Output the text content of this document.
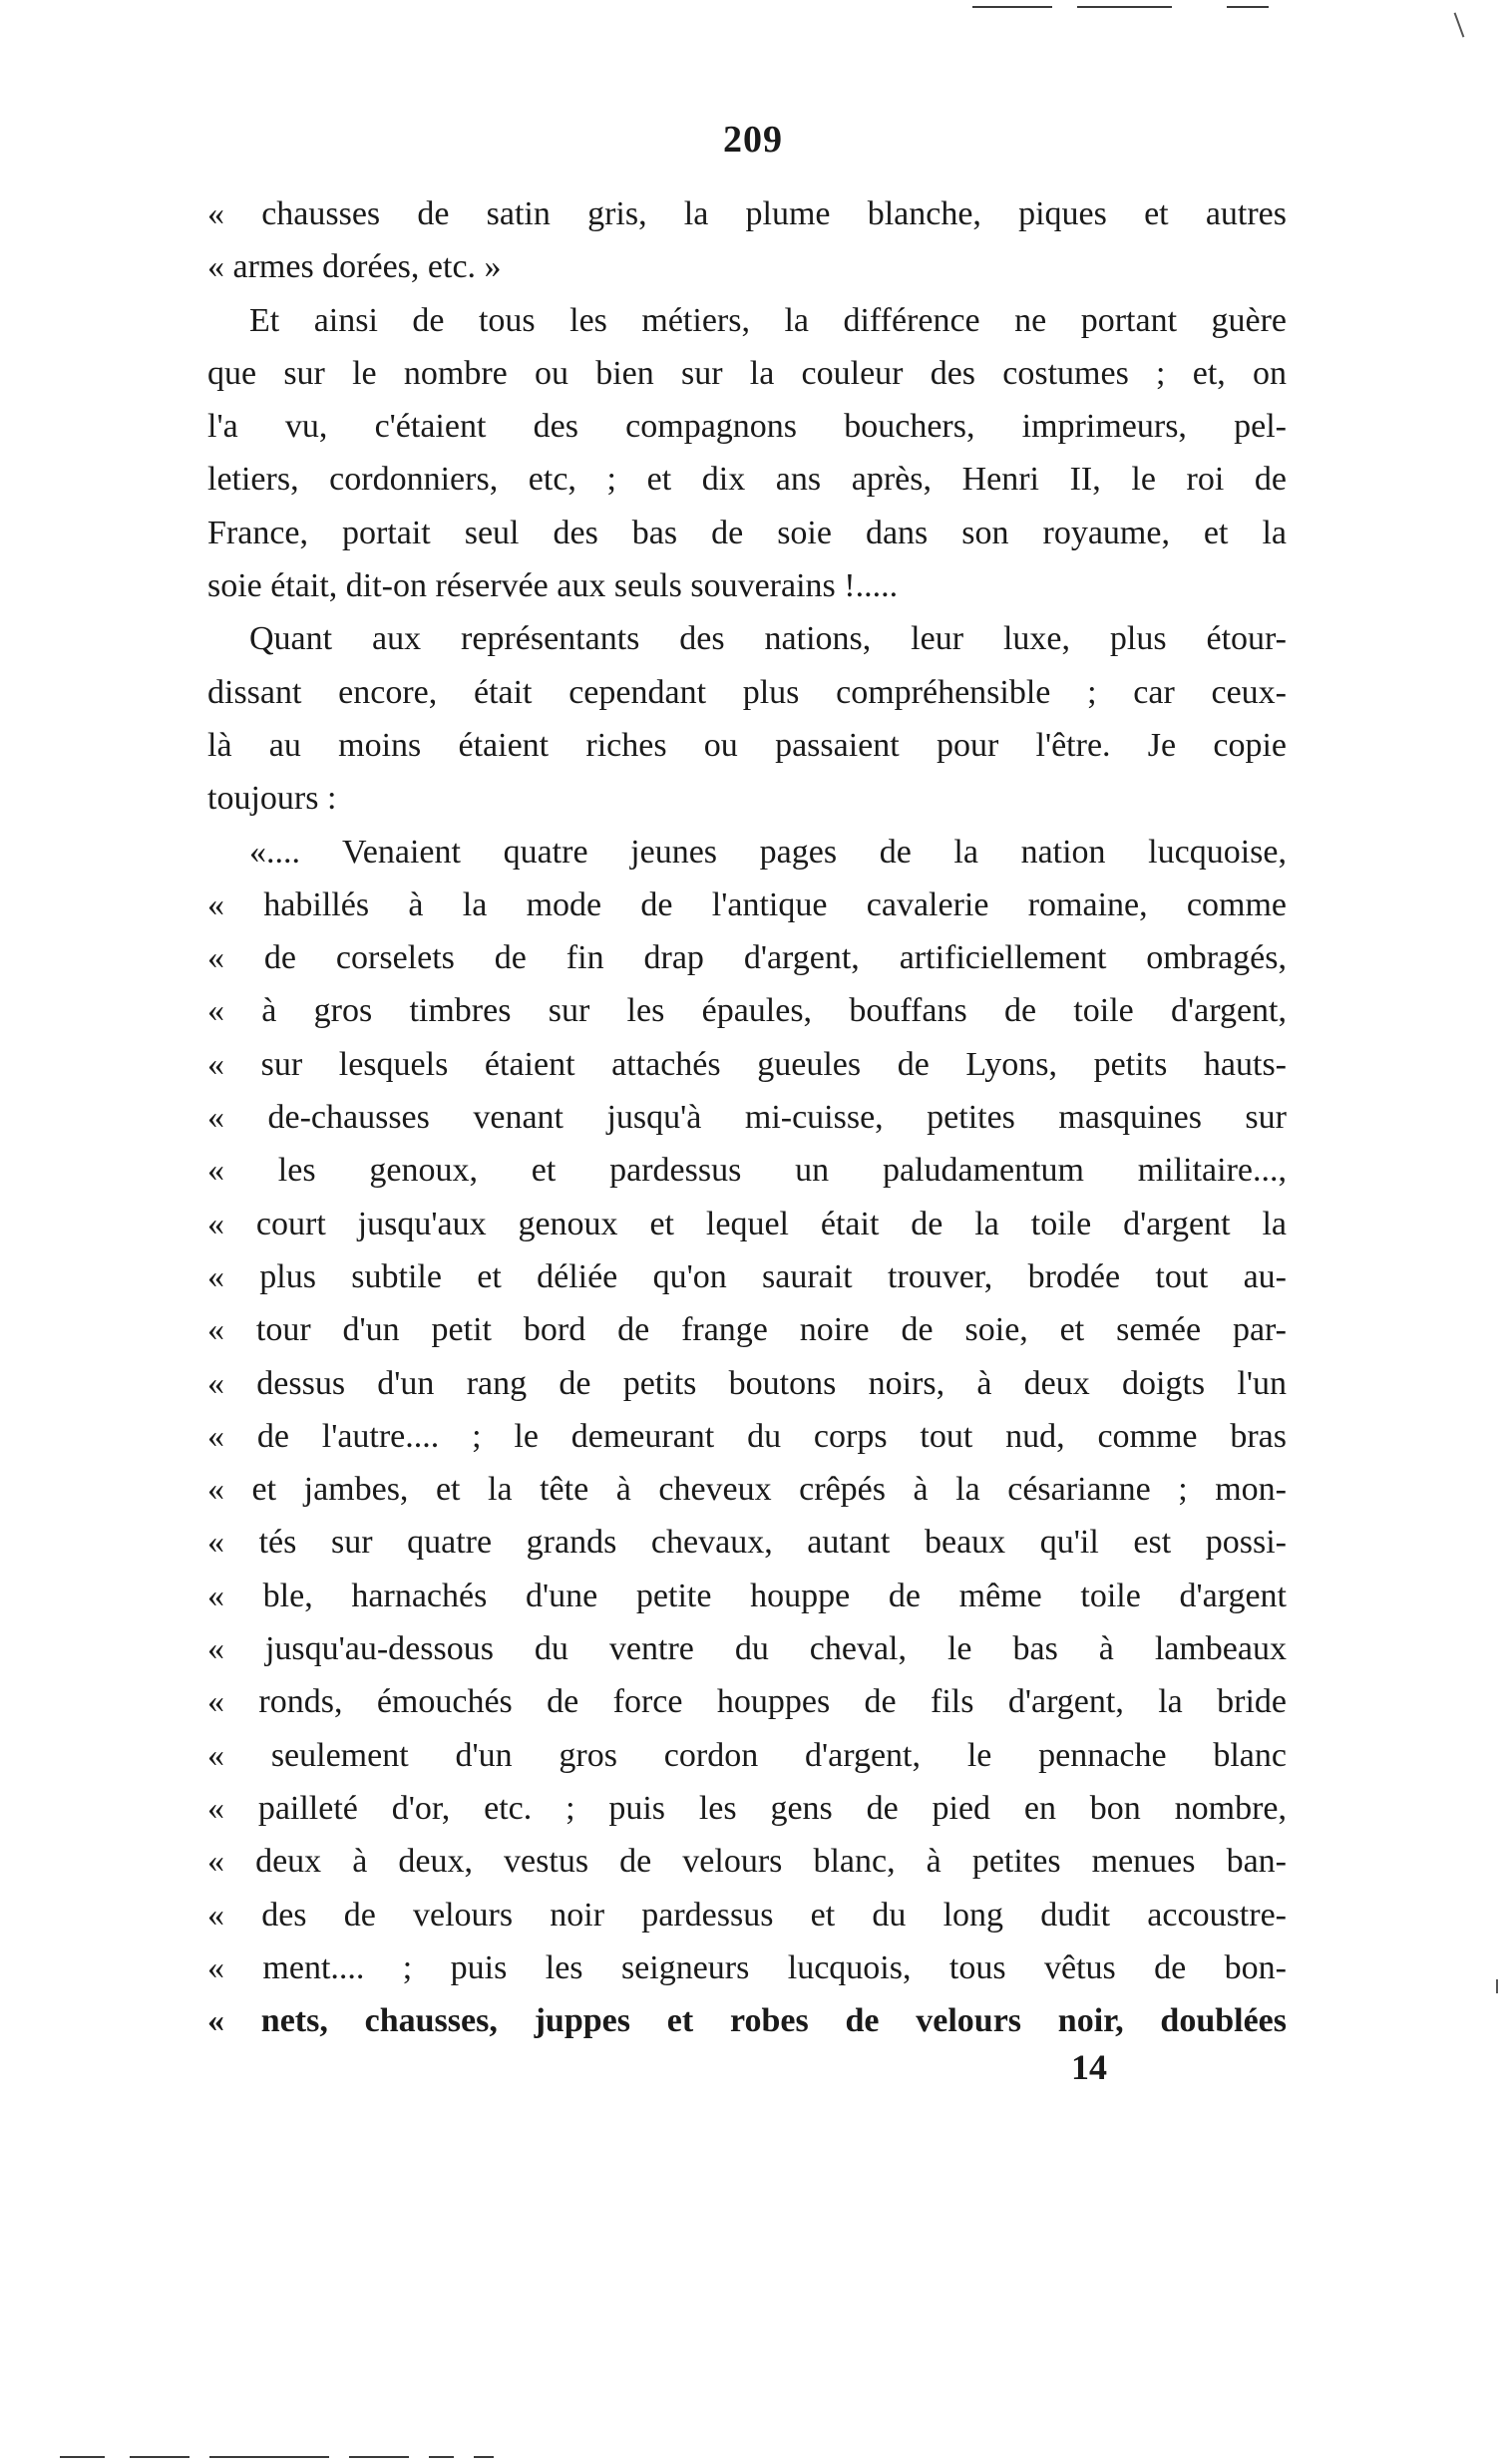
209
« chausses de satin gris, la plume blanche, piques et autres
« armes dorées, etc. »
Et ainsi de tous les métiers, la différence ne portant guère
que sur le nombre ou bien sur la couleur des costumes ; et, on
l'a vu, c'étaient des compagnons bouchers, imprimeurs, pel-
letiers, cordonniers, etc, ; et dix ans après, Henri II, le roi de
France, portait seul des bas de soie dans son royaume, et la
soie était, dit-on réservée aux seuls souverains !.....
Quant aux représentants des nations, leur luxe, plus étour-
dissant encore, était cependant plus compréhensible ; car ceux-
là au moins étaient riches ou passaient pour l'être. Je copie
toujours :
«.... Venaient quatre jeunes pages de la nation lucquoise,
« habillés à la mode de l'antique cavalerie romaine, comme
« de corselets de fin drap d'argent, artificiellement ombragés,
« à gros timbres sur les épaules, bouffans de toile d'argent,
« sur lesquels étaient attachés gueules de Lyons, petits hauts-
« de-chausses venant jusqu'à mi-cuisse, petites masquines sur
« les genoux, et pardessus un paludamentum militaire...,
« court jusqu'aux genoux et lequel était de la toile d'argent la
« plus subtile et déliée qu'on saurait trouver, brodée tout au-
« tour d'un petit bord de frange noire de soie, et semée par-
« dessus d'un rang de petits boutons noirs, à deux doigts l'un
« de l'autre.... ; le demeurant du corps tout nud, comme bras
« et jambes, et la tête à cheveux crêpés à la césarianne ; mon-
« tés sur quatre grands chevaux, autant beaux qu'il est possi-
« ble, harnachés d'une petite houppe de même toile d'argent
« jusqu'au-dessous du ventre du cheval, le bas à lambeaux
« ronds, émouchés de force houppes de fils d'argent, la bride
« seulement d'un gros cordon d'argent, le pennache blanc
« pailleté d'or, etc. ; puis les gens de pied en bon nombre,
« deux à deux, vestus de velours blanc, à petites menues ban-
« des de velours noir pardessus et du long dudit accoustre-
« ment.... ; puis les seigneurs lucquois, tous vêtus de bon-
« nets, chausses, juppes et robes de velours noir, doublées
14
